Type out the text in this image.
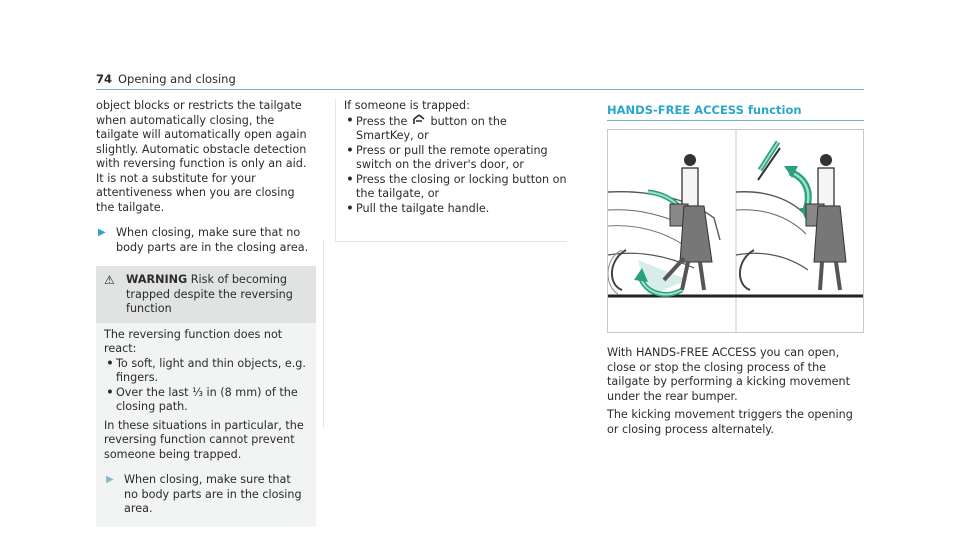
74 Opening and closing

object blocks or restricts the tailgate when automatically closing, the tailgate will automatically open again slightly. Automatic obstacle detection with reversing function is only an aid. It is not a substitute for your attentiveness when you are closing the tailgate.

▶ When closing, make sure that no body parts are in the closing area.
⚠	WARNING Risk of becoming trapped despite the reversing function

The reversing function does not react:

• To soft, light and thin objects, e.g. fingers.
• Over the last ⅓ in (8 mm) of the closing path.

In these situations in particular, the reversing function cannot prevent someone being trapped.

▶ When closing, make sure that no body parts are in the closing area.

If someone is trapped:

• Press the button on the SmartKey, or
• Press or pull the remote operating switch on the driver's door, or
• Press the closing or locking button on the tailgate, or
• Pull the tailgate handle.
HANDS-FREE ACCESS function

With HANDS-FREE ACCESS you can open, close or stop the closing process of the tailgate by performing a kicking movement under the rear bumper.

The kicking movement triggers the opening or closing process alternately.
